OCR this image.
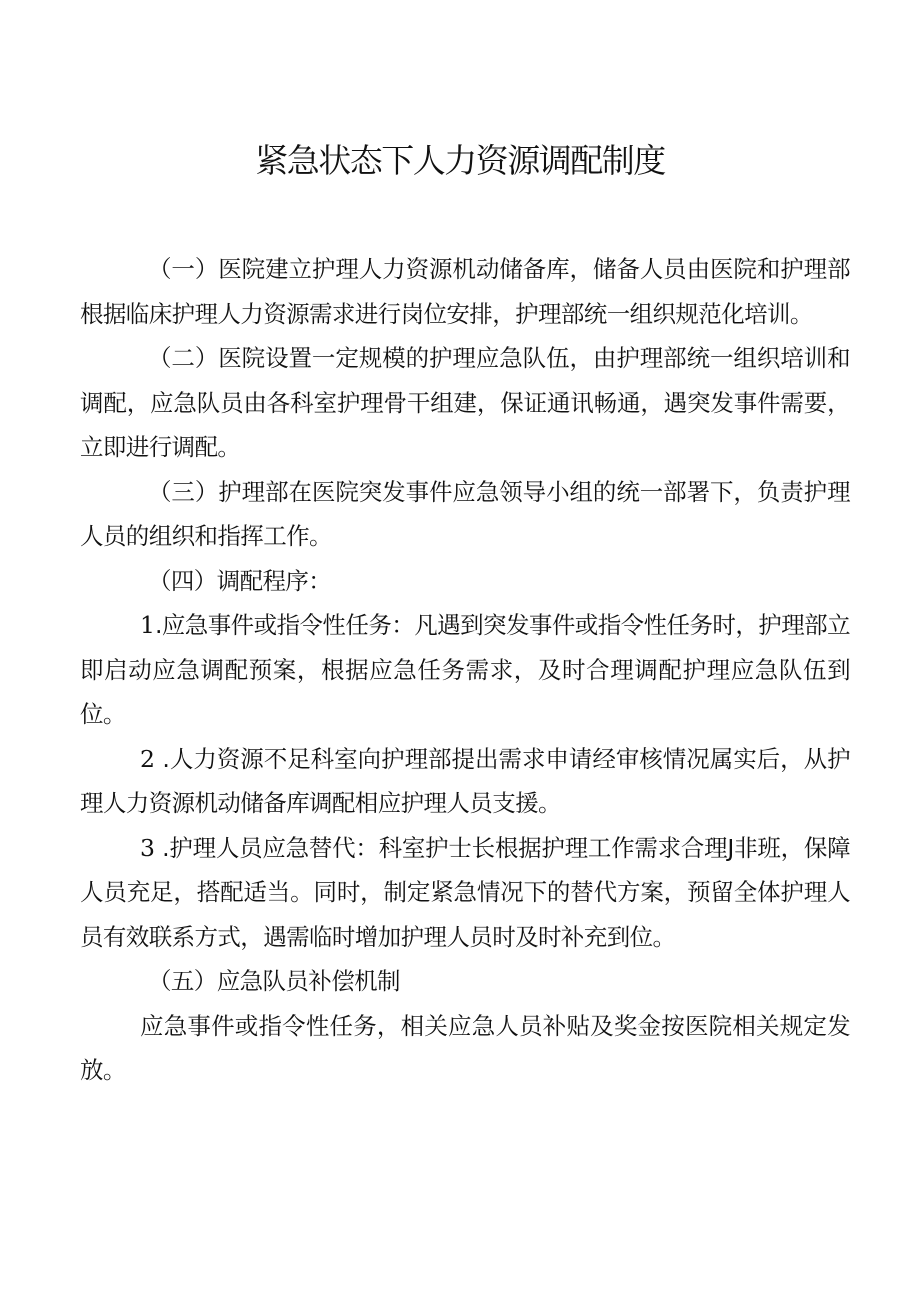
紧急状态下人力资源调配制度

（一）医院建立护理人力资源机动储备库，储备人员由医院和护理部根据临床护理人力资源需求进行岗位安排，护理部统一组织规范化培训。

（二）医院设置一定规模的护理应急队伍，由护理部统一组织培训和调配，应急队员由各科室护理骨干组建，保证通讯畅通，遇突发事件需要，立即进行调配。

（三）护理部在医院突发事件应急领导小组的统一部署下，负责护理人员的组织和指挥工作。

（四）调配程序：

1.应急事件或指令性任务：凡遇到突发事件或指令性任务时，护理部立即启动应急调配预案，根据应急任务需求，及时合理调配护理应急队伍到位。

2 .人力资源不足科室向护理部提出需求申请经审核情况属实后，从护理人力资源机动储备库调配相应护理人员支援。

3 .护理人员应急替代：科室护士长根据护理工作需求合理J非班，保障人员充足，搭配适当。同时，制定紧急情况下的替代方案，预留全体护理人员有效联系方式，遇需临时增加护理人员时及时补充到位。

（五）应急队员补偿机制

应急事件或指令性任务，相关应急人员补贴及奖金按医院相关规定发放。
